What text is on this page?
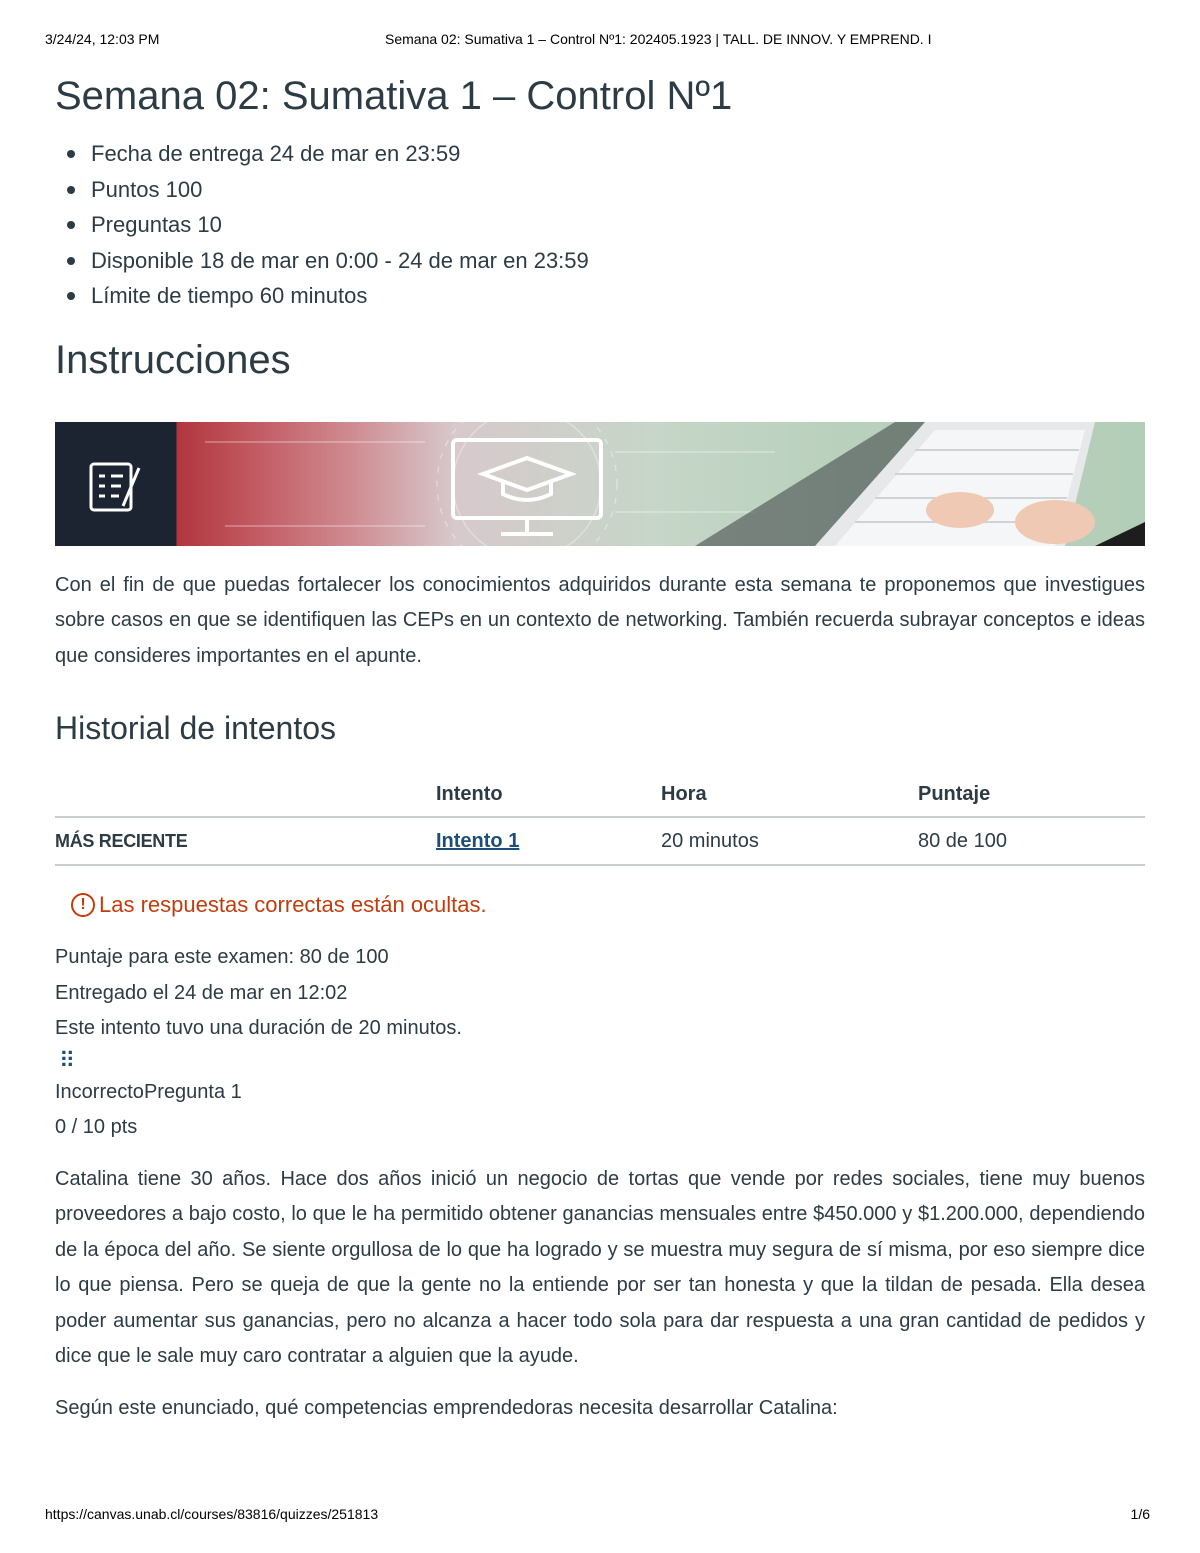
3/24/24, 12:03 PM	Semana 02: Sumativa 1 – Control Nº1: 202405.1923 | TALL. DE INNOV. Y EMPREND. I
Semana 02: Sumativa 1 – Control Nº1
Fecha de entrega 24 de mar en 23:59
Puntos 100
Preguntas 10
Disponible 18 de mar en 0:00 - 24 de mar en 23:59
Límite de tiempo 60 minutos
Instrucciones
Con el fin de que puedas fortalecer los conocimientos adquiridos durante esta semana te proponemos que investigues sobre casos en que se identifiquen las CEPs en un contexto de networking. También recuerda subrayar conceptos e ideas que consideres importantes en el apunte.
Historial de intentos
	Intento	Hora	Puntaje
MÁS RECIENTE	Intento 1	20 minutos	80 de 100
! Las respuestas correctas están ocultas.
Puntaje para este examen: 80 de 100
Entregado el 24 de mar en 12:02
Este intento tuvo una duración de 20 minutos.
⠿
IncorrectoPregunta 1
0 / 10 pts
Catalina tiene 30 años. Hace dos años inició un negocio de tortas que vende por redes sociales, tiene muy buenos proveedores a bajo costo, lo que le ha permitido obtener ganancias mensuales entre $450.000 y $1.200.000, dependiendo de la época del año. Se siente orgullosa de lo que ha logrado y se muestra muy segura de sí misma, por eso siempre dice lo que piensa. Pero se queja de que la gente no la entiende por ser tan honesta y que la tildan de pesada. Ella desea poder aumentar sus ganancias, pero no alcanza a hacer todo sola para dar respuesta a una gran cantidad de pedidos y dice que le sale muy caro contratar a alguien que la ayude.
Según este enunciado, qué competencias emprendedoras necesita desarrollar Catalina:
https://canvas.unab.cl/courses/83816/quizzes/251813	1/6
